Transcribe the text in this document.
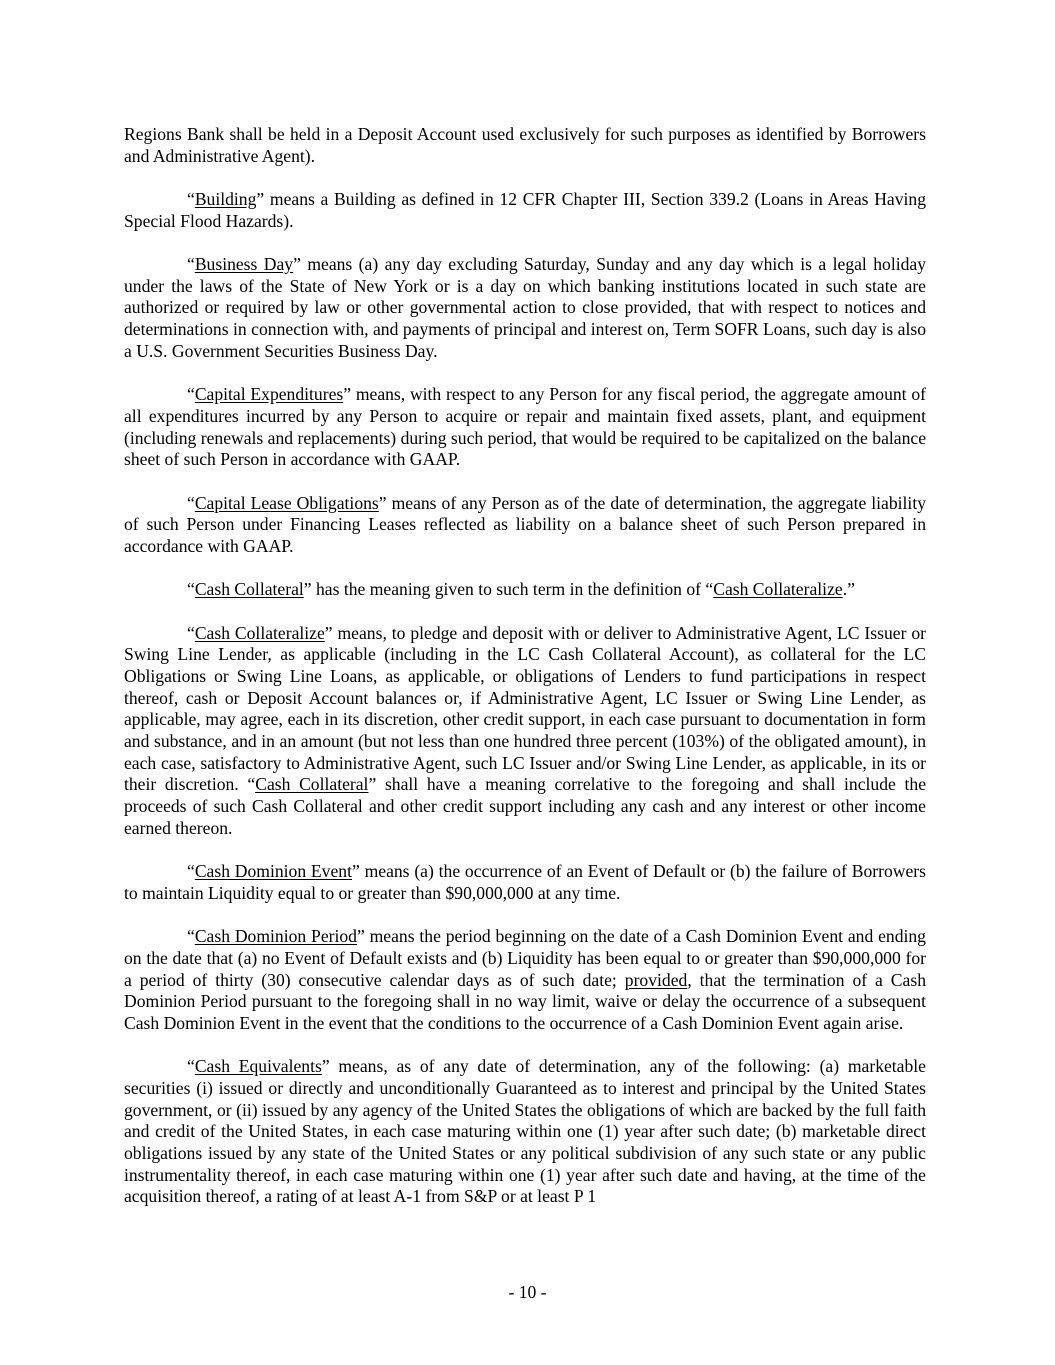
Regions Bank shall be held in a Deposit Account used exclusively for such purposes as identified by Borrowers and Administrative Agent).

“Building” means a Building as defined in 12 CFR Chapter III, Section 339.2 (Loans in Areas Having Special Flood Hazards).

“Business Day” means (a) any day excluding Saturday, Sunday and any day which is a legal holiday under the laws of the State of New York or is a day on which banking institutions located in such state are authorized or required by law or other governmental action to close provided, that with respect to notices and determinations in connection with, and payments of principal and interest on, Term SOFR Loans, such day is also a U.S. Government Securities Business Day.

“Capital Expenditures” means, with respect to any Person for any fiscal period, the aggregate amount of all expenditures incurred by any Person to acquire or repair and maintain fixed assets, plant, and equipment (including renewals and replacements) during such period, that would be required to be capitalized on the balance sheet of such Person in accordance with GAAP.

“Capital Lease Obligations” means of any Person as of the date of determination, the aggregate liability of such Person under Financing Leases reflected as liability on a balance sheet of such Person prepared in accordance with GAAP.

“Cash Collateral” has the meaning given to such term in the definition of “Cash Collateralize.”

“Cash Collateralize” means, to pledge and deposit with or deliver to Administrative Agent, LC Issuer or Swing Line Lender, as applicable (including in the LC Cash Collateral Account), as collateral for the LC Obligations or Swing Line Loans, as applicable, or obligations of Lenders to fund participations in respect thereof, cash or Deposit Account balances or, if Administrative Agent, LC Issuer or Swing Line Lender, as applicable, may agree, each in its discretion, other credit support, in each case pursuant to documentation in form and substance, and in an amount (but not less than one hundred three percent (103%) of the obligated amount), in each case, satisfactory to Administrative Agent, such LC Issuer and/or Swing Line Lender, as applicable, in its or their discretion. “Cash Collateral” shall have a meaning correlative to the foregoing and shall include the proceeds of such Cash Collateral and other credit support including any cash and any interest or other income earned thereon.

“Cash Dominion Event” means (a) the occurrence of an Event of Default or (b) the failure of Borrowers to maintain Liquidity equal to or greater than $90,000,000 at any time.

“Cash Dominion Period” means the period beginning on the date of a Cash Dominion Event and ending on the date that (a) no Event of Default exists and (b) Liquidity has been equal to or greater than $90,000,000 for a period of thirty (30) consecutive calendar days as of such date; provided, that the termination of a Cash Dominion Period pursuant to the foregoing shall in no way limit, waive or delay the occurrence of a subsequent Cash Dominion Event in the event that the conditions to the occurrence of a Cash Dominion Event again arise.

“Cash Equivalents” means, as of any date of determination, any of the following: (a) marketable securities (i) issued or directly and unconditionally Guaranteed as to interest and principal by the United States government, or (ii) issued by any agency of the United States the obligations of which are backed by the full faith and credit of the United States, in each case maturing within one (1) year after such date; (b) marketable direct obligations issued by any state of the United States or any political subdivision of any such state or any public instrumentality thereof, in each case maturing within one (1) year after such date and having, at the time of the acquisition thereof, a rating of at least A-1 from S&P or at least P 1

- 10 -
